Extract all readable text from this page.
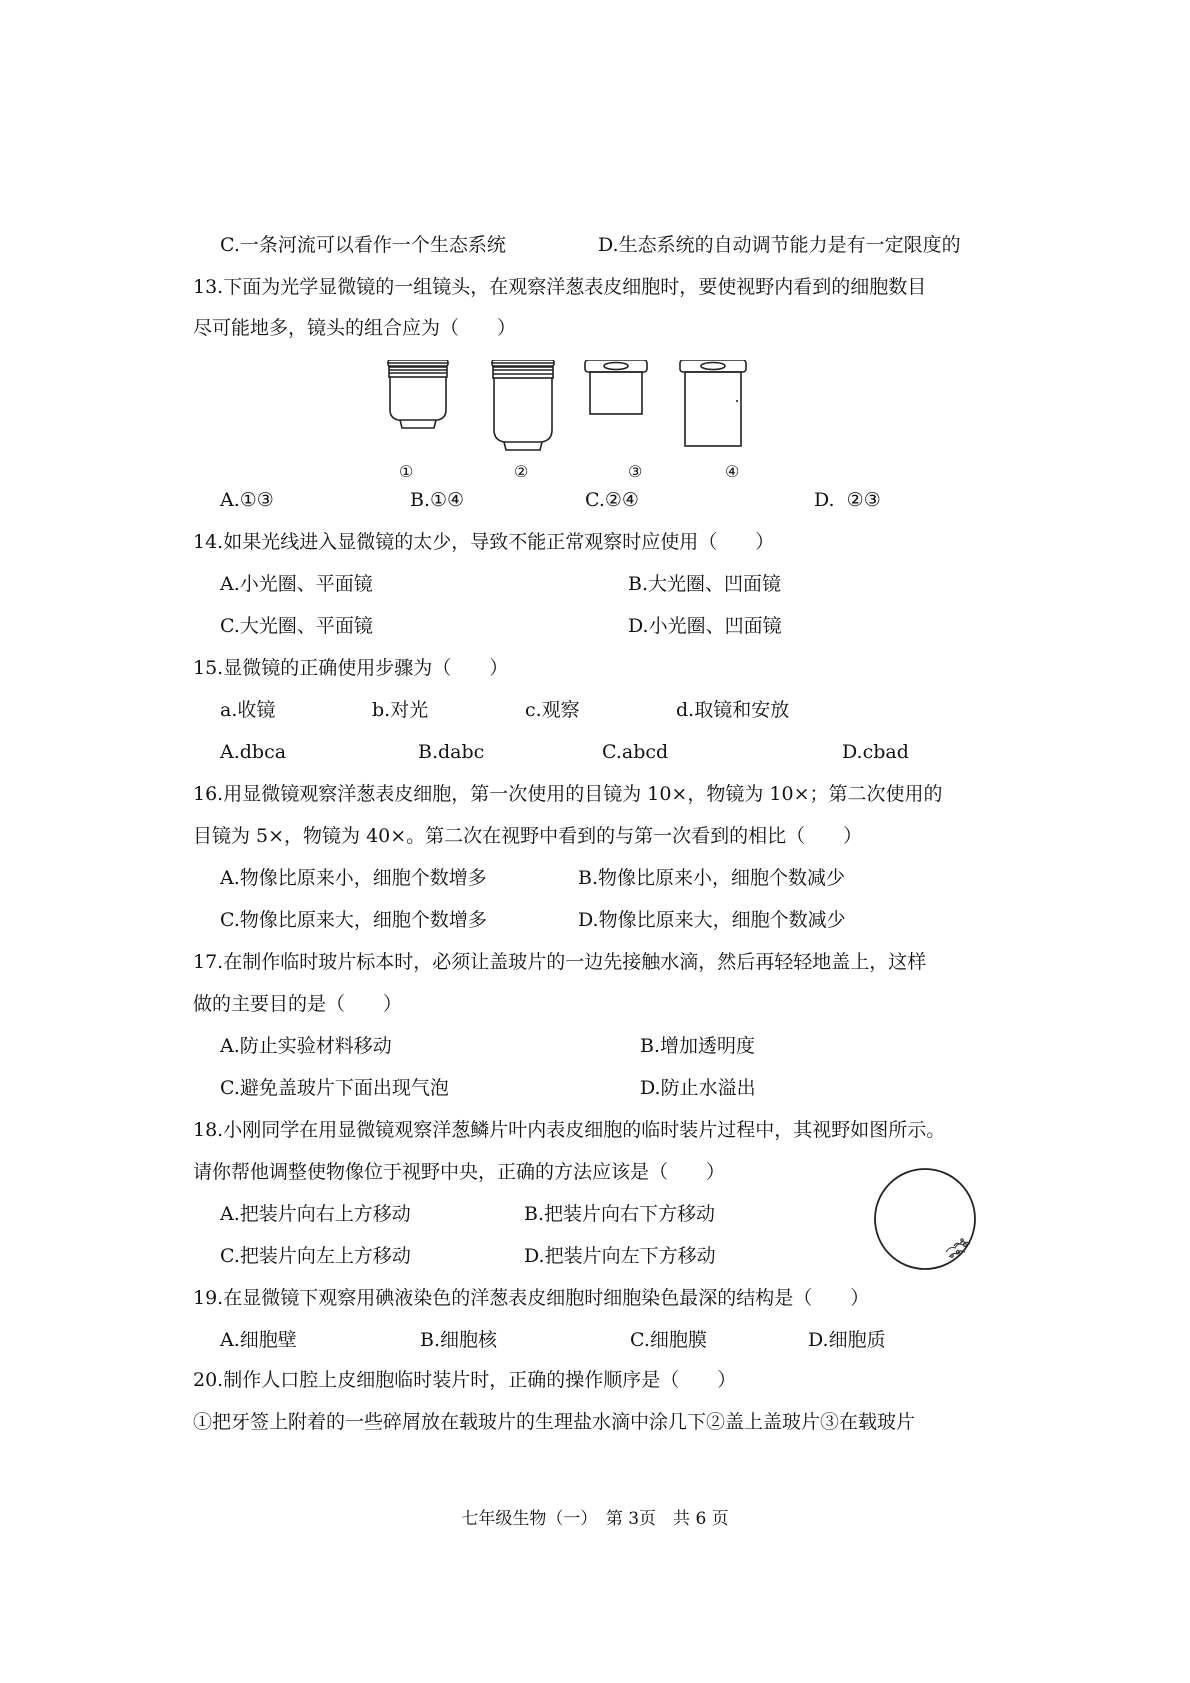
C.一条河流可以看作一个生态系统	D.生态系统的自动调节能力是有一定限度的
13.下面为光学显微镜的一组镜头，在观察洋葱表皮细胞时，要使视野内看到的细胞数目
尽可能地多，镜头的组合应为（　　）
①	②	③	④
A.①③	B.①④	C.②④	D.  ②③
14.如果光线进入显微镜的太少，导致不能正常观察时应使用（　　）
A.小光圈、平面镜	B.大光圈、凹面镜
C.大光圈、平面镜	D.小光圈、凹面镜
15.显微镜的正确使用步骤为（　　）
a.收镜	b.对光	c.观察	d.取镜和安放
A.dbca	B.dabc	C.abcd	D.cbad
16.用显微镜观察洋葱表皮细胞，第一次使用的目镜为 10×，物镜为 10×；第二次使用的
目镜为 5×，物镜为 40×。第二次在视野中看到的与第一次看到的相比（　　）
A.物像比原来小，细胞个数增多	B.物像比原来小，细胞个数减少
C.物像比原来大，细胞个数增多	D.物像比原来大，细胞个数减少
17.在制作临时玻片标本时，必须让盖玻片的一边先接触水滴，然后再轻轻地盖上，这样
做的主要目的是（　　）
A.防止实验材料移动	B.增加透明度
C.避免盖玻片下面出现气泡	D.防止水溢出
18.小刚同学在用显微镜观察洋葱鳞片叶内表皮细胞的临时装片过程中，其视野如图所示。
请你帮他调整使物像位于视野中央，正确的方法应该是（　　）
A.把装片向右上方移动	B.把装片向右下方移动
C.把装片向左上方移动	D.把装片向左下方移动
19.在显微镜下观察用碘液染色的洋葱表皮细胞时细胞染色最深的结构是（　　）
A.细胞壁	B.细胞核	C.细胞膜	D.细胞质
20.制作人口腔上皮细胞临时装片时，正确的操作顺序是（　　）
①把牙签上附着的一些碎屑放在载玻片的生理盐水滴中涂几下②盖上盖玻片③在载玻片
七年级生物（一）　第 3页　共 6 页
